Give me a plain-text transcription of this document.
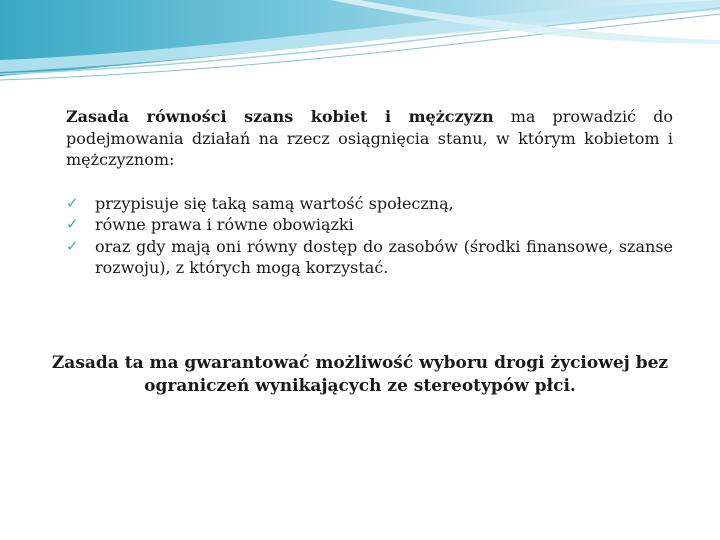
Zasada równości szans kobiet i mężczyzn ma prowadzić do podejmowania działań na rzecz osiągnięcia stanu, w którym kobietom i mężczyznom:

✓ przypisuje się taką samą wartość społeczną,
✓ równe prawa i równe obowiązki
✓ oraz gdy mają oni równy dostęp do zasobów (środki finansowe, szanse rozwoju), z których mogą korzystać.

Zasada ta ma gwarantować możliwość wyboru drogi życiowej bez ograniczeń wynikających ze stereotypów płci.
